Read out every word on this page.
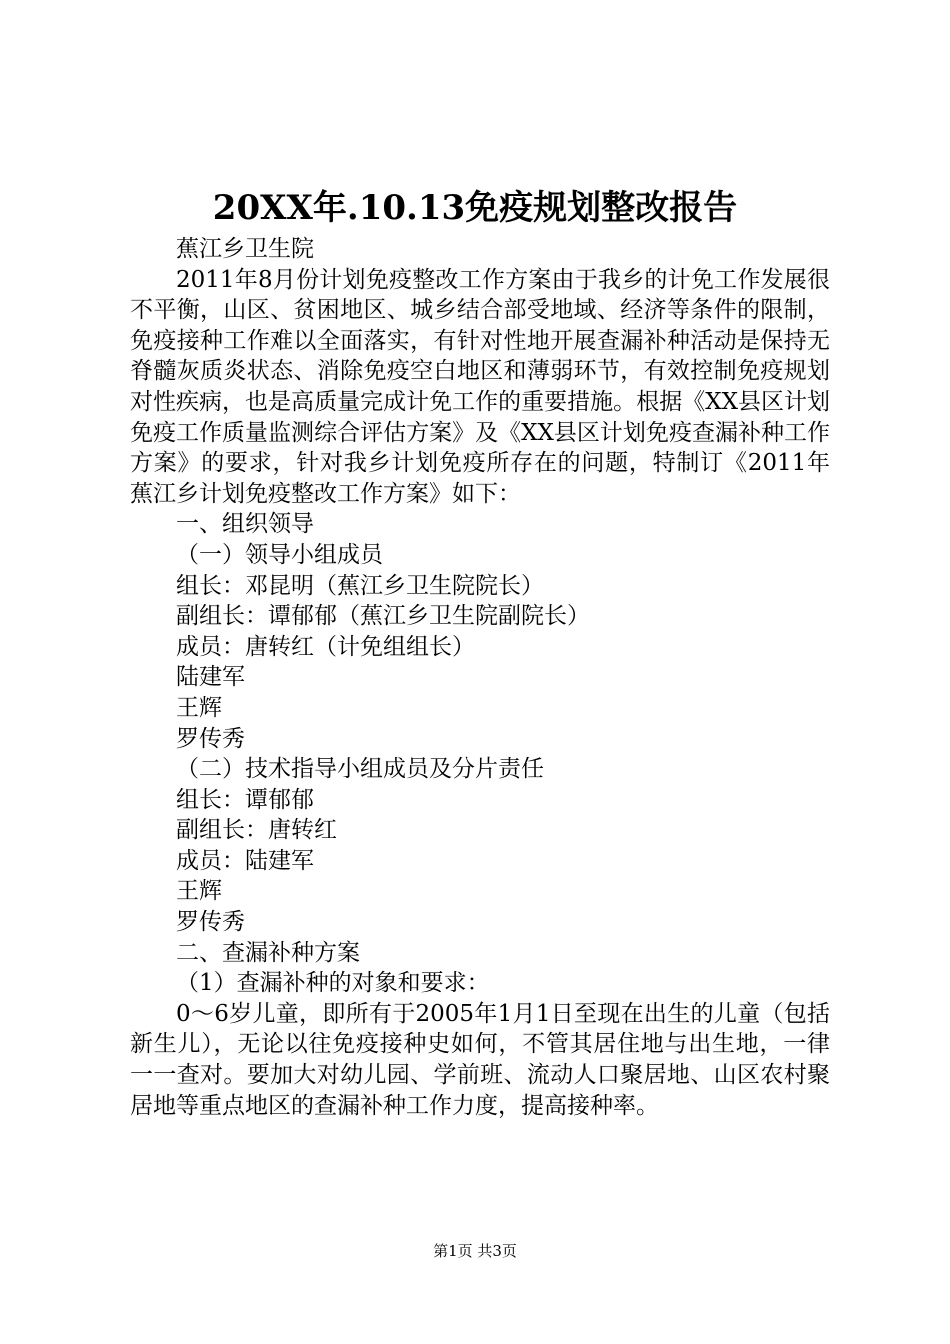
20XX年.10.13免疫规划整改报告

蕉江乡卫生院

2011年8月份计划免疫整改工作方案由于我乡的计免工作发展很不平衡，山区、贫困地区、城乡结合部受地域、经济等条件的限制，免疫接种工作难以全面落实，有针对性地开展查漏补种活动是保持无脊髓灰质炎状态、消除免疫空白地区和薄弱环节，有效控制免疫规划对性疾病，也是高质量完成计免工作的重要措施。根据《XX县区计划免疫工作质量监测综合评估方案》及《XX县区计划免疫查漏补种工作方案》的要求，针对我乡计划免疫所存在的问题，特制订《2011年蕉江乡计划免疫整改工作方案》如下：

一、组织领导

（一）领导小组成员

组长：邓昆明（蕉江乡卫生院院长）

副组长：谭郁郁（蕉江乡卫生院副院长）

成员：唐转红（计免组组长）

陆建军

王辉

罗传秀

（二）技术指导小组成员及分片责任

组长：谭郁郁

副组长：唐转红

成员：陆建军

王辉

罗传秀

二、查漏补种方案

（1）查漏补种的对象和要求：

0～6岁儿童，即所有于2005年1月1日至现在出生的儿童（包括新生儿），无论以往免疫接种史如何，不管其居住地与出生地，一律一一查对。要加大对幼儿园、学前班、流动人口聚居地、山区农村聚居地等重点地区的查漏补种工作力度，提高接种率。

第1页 共3页
